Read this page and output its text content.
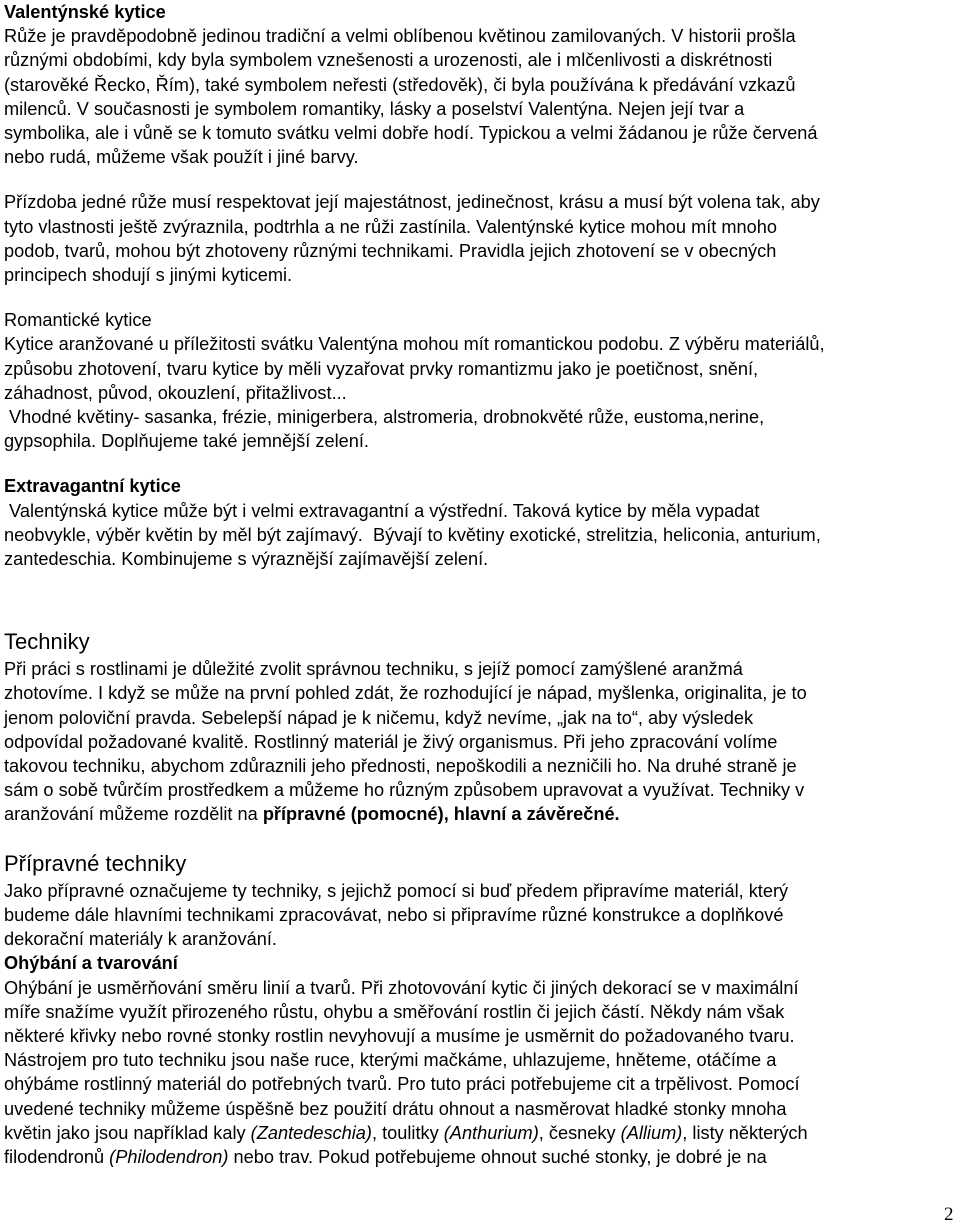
Valentýnské kytice
Růže je pravděpodobně jedinou tradiční a velmi oblíbenou květinou zamilovaných. V historii prošla
různými obdobími, kdy byla symbolem vznešenosti a urozenosti, ale i mlčenlivosti a diskrétnosti
(starověké Řecko, Řím), také symbolem neřesti (středověk), či byla používána k předávání vzkazů
milenců. V současnosti je symbolem romantiky, lásky a poselství Valentýna. Nejen její tvar a
symbolika, ale i vůně se k tomuto svátku velmi dobře hodí. Typickou a velmi žádanou je růže červená
nebo rudá, můžeme však použít i jiné barvy.
Přízdoba jedné růže musí respektovat její majestátnost, jedinečnost, krásu a musí být volena tak, aby
tyto vlastnosti ještě zvýraznila, podtrhla a ne růži zastínila. Valentýnské kytice mohou mít mnoho
podob, tvarů, mohou být zhotoveny různými technikami. Pravidla jejich zhotovení se v obecných
principech shodují s jinými kyticemi.
Romantické kytice
Kytice aranžované u příležitosti svátku Valentýna mohou mít romantickou podobu. Z výběru materiálů,
způsobu zhotovení, tvaru kytice by měli vyzařovat prvky romantizmu jako je poetičnost, snění,
záhadnost, původ, okouzlení, přitažlivost...
Vhodné květiny- sasanka, frézie, minigerbera, alstromeria, drobnokvěté růže, eustoma,nerine,
gypsophila. Doplňujeme také jemnější zelení.
Extravagantní kytice
Valentýnská kytice může být i velmi extravagantní a výstřední. Taková kytice by měla vypadat
neobvykle, výběr květin by měl být zajímavý.  Bývají to květiny exotické, strelitzia, heliconia, anturium,
zantedeschia. Kombinujeme s výraznější zajímavější zelení.
Techniky
Při práci s rostlinami je důležité zvolit správnou techniku, s jejíž pomocí zamýšlené aranžmá
zhotovíme. I když se může na první pohled zdát, že rozhodující je nápad, myšlenka, originalita, je to
jenom poloviční pravda. Sebelepší nápad je k ničemu, když nevíme, „jak na to“, aby výsledek
odpovídal požadované kvalitě. Rostlinný materiál je živý organismus. Při jeho zpracování volíme
takovou techniku, abychom zdůraznili jeho přednosti, nepoškodili a nezničili ho. Na druhé straně je
sám o sobě tvůrčím prostředkem a můžeme ho různým způsobem upravovat a využívat. Techniky v
aranžování můžeme rozdělit na přípravné (pomocné), hlavní a závěrečné.
Přípravné techniky
Jako přípravné označujeme ty techniky, s jejichž pomocí si buď předem připravíme materiál, který
budeme dále hlavními technikami zpracovávat, nebo si připravíme různé konstrukce a doplňkové
dekorační materiály k aranžování.
Ohýbání a tvarování
Ohýbání je usměrňování směru linií a tvarů. Při zhotovování kytic či jiných dekorací se v maximální
míře snažíme využít přirozeného růstu, ohybu a směřování rostlin či jejich částí. Někdy nám však
některé křivky nebo rovné stonky rostlin nevyhovují a musíme je usměrnit do požadovaného tvaru.
Nástrojem pro tuto techniku jsou naše ruce, kterými mačkáme, uhlazujeme, hněteme, otáčíme a
ohýbáme rostlinný materiál do potřebných tvarů. Pro tuto práci potřebujeme cit a trpělivost. Pomocí
uvedené techniky můžeme úspěšně bez použití drátu ohnout a nasměrovat hladké stonky mnoha
květin jako jsou například kaly (Zantedeschia), toulitky (Anthurium), česneky (Allium), listy některých
filodendronů (Philodendron) nebo trav. Pokud potřebujeme ohnout suché stonky, je dobré je na
2
